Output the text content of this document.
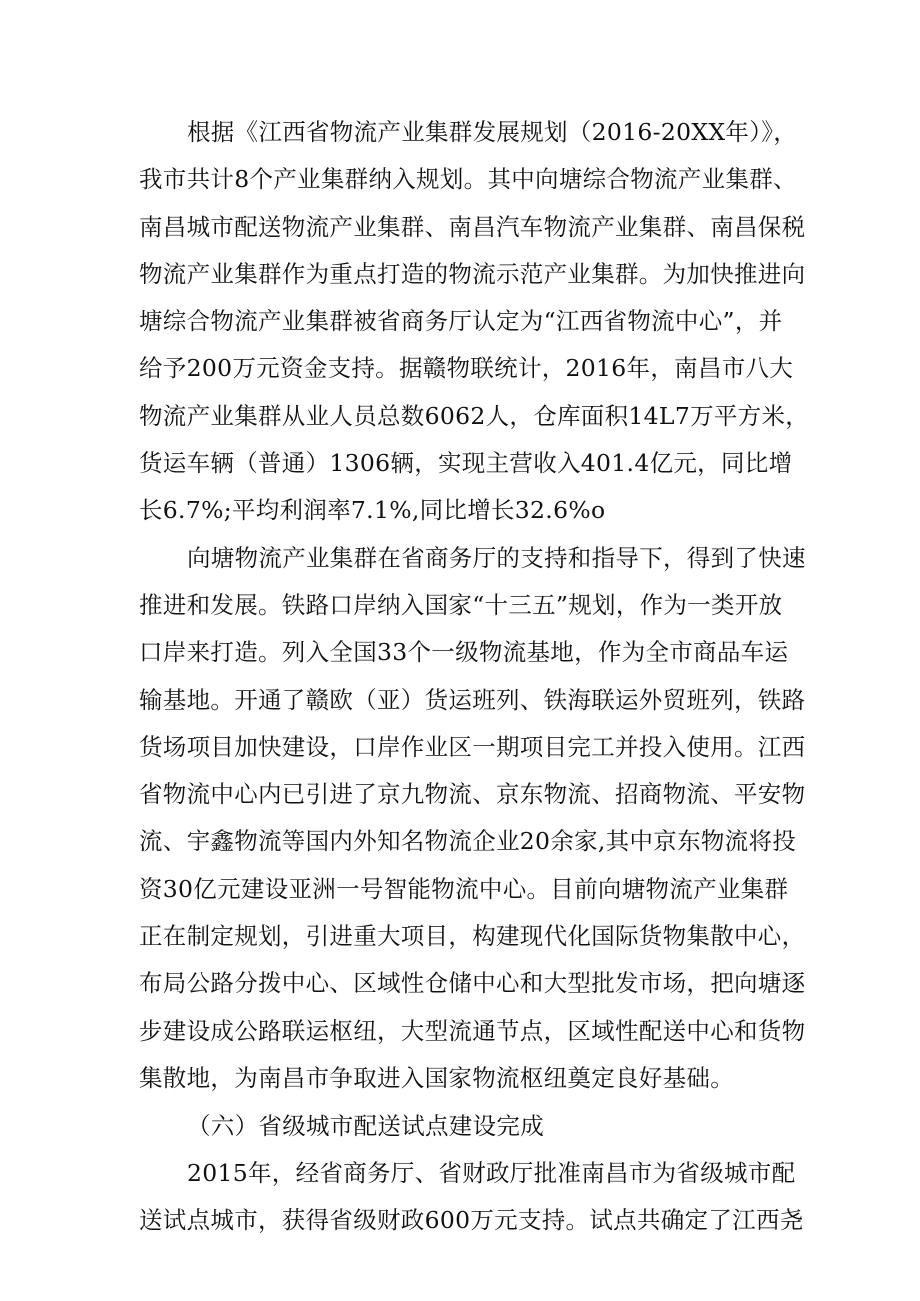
根据《江西省物流产业集群发展规划（2016-20XX年）》，
我市共计8个产业集群纳入规划。其中向塘综合物流产业集群、
南昌城市配送物流产业集群、南昌汽车物流产业集群、南昌保税
物流产业集群作为重点打造的物流示范产业集群。为加快推进向
塘综合物流产业集群被省商务厅认定为“江西省物流中心”，并
给予200万元资金支持。据赣物联统计，2016年，南昌市八大
物流产业集群从业人员总数6062人，仓库面积14L7万平方米，
货运车辆（普通）1306辆，实现主营收入401.4亿元，同比增
长6.7%;平均利润率7.1%,同比增长32.6%o
向塘物流产业集群在省商务厅的支持和指导下，得到了快速
推进和发展。铁路口岸纳入国家“十三五”规划，作为一类开放
口岸来打造。列入全国33个一级物流基地，作为全市商品车运
输基地。开通了赣欧（亚）货运班列、铁海联运外贸班列，铁路
货场项目加快建设，口岸作业区一期项目完工并投入使用。江西
省物流中心内已引进了京九物流、京东物流、招商物流、平安物
流、宇鑫物流等国内外知名物流企业20余家,其中京东物流将投
资30亿元建设亚洲一号智能物流中心。目前向塘物流产业集群
正在制定规划，引进重大项目，构建现代化国际货物集散中心，
布局公路分拨中心、区域性仓储中心和大型批发市场，把向塘逐
步建设成公路联运枢纽，大型流通节点，区域性配送中心和货物
集散地，为南昌市争取进入国家物流枢纽奠定良好基础。
（六）省级城市配送试点建设完成
2015年，经省商务厅、省财政厅批准南昌市为省级城市配
送试点城市，获得省级财政600万元支持。试点共确定了江西尧
